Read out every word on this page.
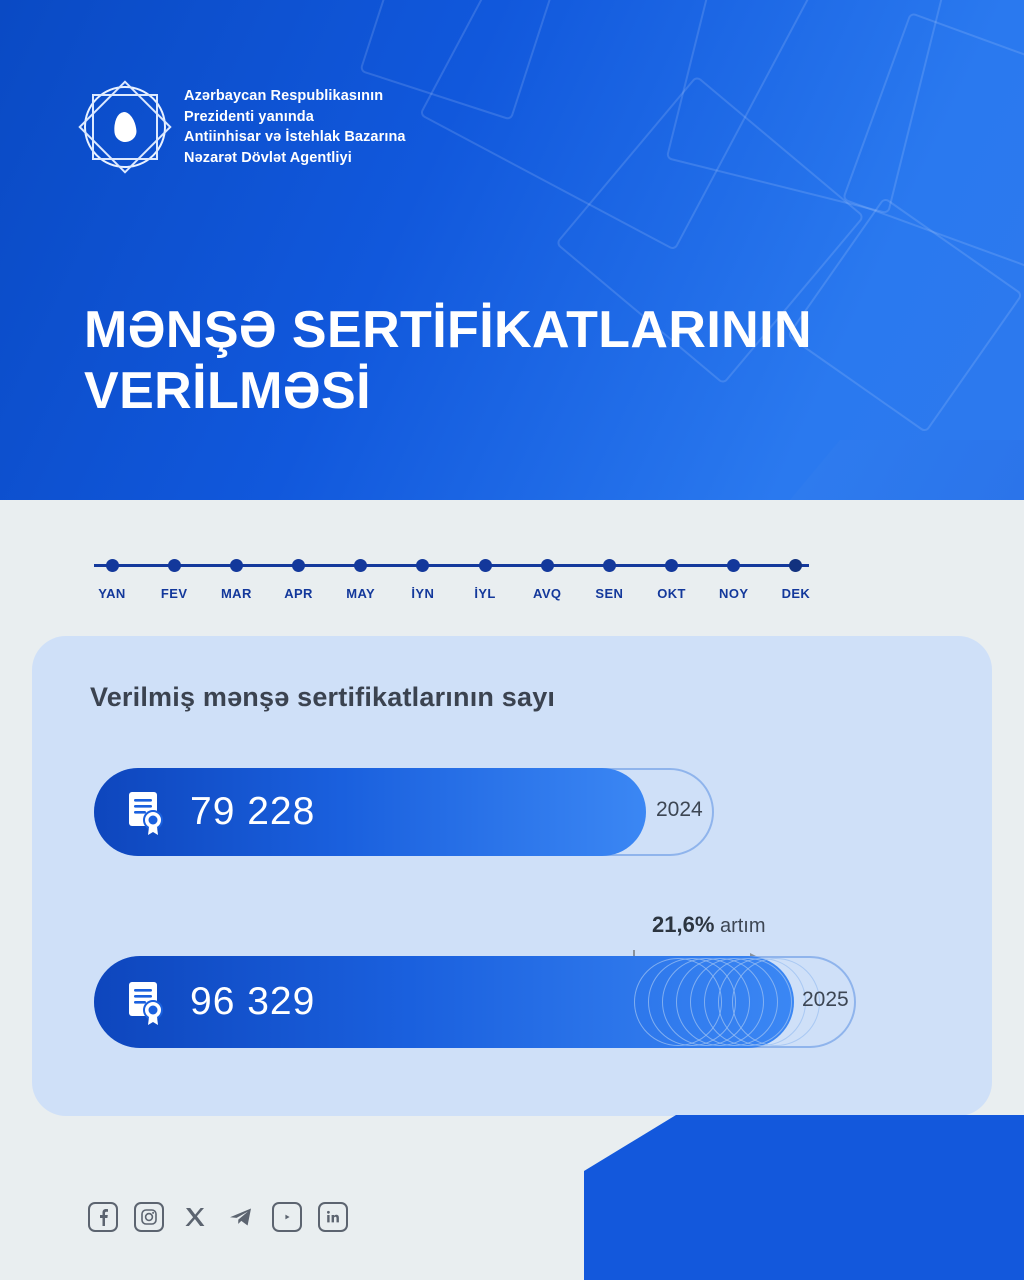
Azərbaycan Respublikasının
Prezidenti yanında
Antiinhisar və İstehlak Bazarına
Nəzarət Dövlət Agentliyi
MƏNŞƏ SERTİFİKATLARININ VERİLMƏSİ
YAN	FEV	MAR APR	MAY	İYN	İYL	AVQ	SEN	OKT	NOY	DEK
Verilmiş mənşə sertifikatlarının sayı
79 228	2024
21,6% artım
96 329	2025
